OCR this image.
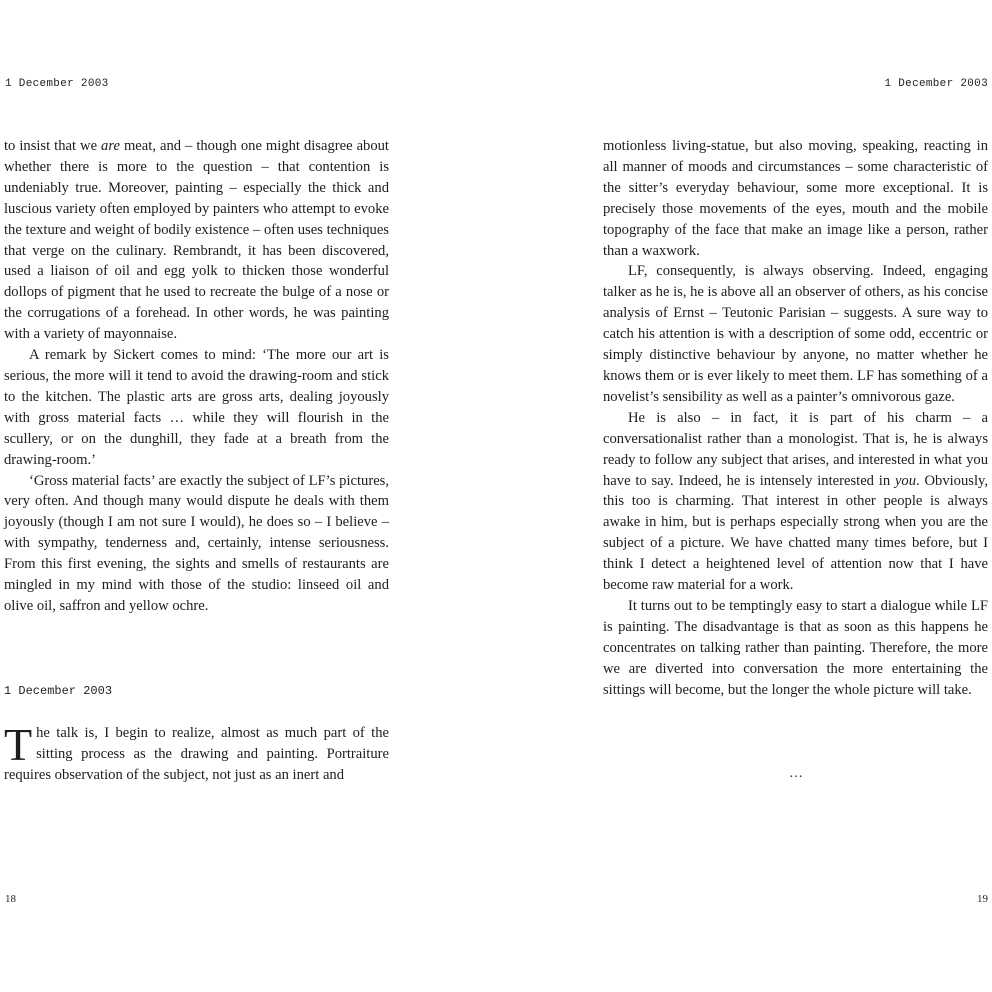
1 December 2003

to insist that we are meat, and – though one might disagree about whether there is more to the question – that contention is undeniably true. Moreover, painting – especially the thick and luscious variety often employed by painters who attempt to evoke the texture and weight of bodily existence – often uses techniques that verge on the culinary. Rembrandt, it has been discovered, used a liaison of oil and egg yolk to thicken those wonderful dollops of pigment that he used to recreate the bulge of a nose or the corrugations of a forehead. In other words, he was painting with a variety of mayonnaise.

A remark by Sickert comes to mind: ‘The more our art is serious, the more will it tend to avoid the drawing-room and stick to the kitchen. The plastic arts are gross arts, dealing joyously with gross material facts … while they will flourish in the scullery, or on the dunghill, they fade at a breath from the drawing-room.’

‘Gross material facts’ are exactly the subject of LF’s pictures, very often. And though many would dispute he deals with them joyously (though I am not sure I would), he does so – I believe – with sympathy, tenderness and, certainly, intense seriousness. From this first evening, the sights and smells of restaurants are mingled in my mind with those of the studio: linseed oil and olive oil, saffron and yellow ochre.

1 December 2003

The talk is, I begin to realize, almost as much part of the sitting process as the drawing and painting. Portraiture requires observation of the subject, not just as an inert and

18
1 December 2003

motionless living-statue, but also moving, speaking, reacting in all manner of moods and circumstances – some characteristic of the sitter’s everyday behaviour, some more exceptional. It is precisely those movements of the eyes, mouth and the mobile topography of the face that make an image like a person, rather than a waxwork.

LF, consequently, is always observing. Indeed, engaging talker as he is, he is above all an observer of others, as his concise analysis of Ernst – Teutonic Parisian – suggests. A sure way to catch his attention is with a description of some odd, eccentric or simply distinctive behaviour by anyone, no matter whether he knows them or is ever likely to meet them. LF has something of a novelist’s sensibility as well as a painter’s omnivorous gaze.

He is also – in fact, it is part of his charm – a conversationalist rather than a monologist. That is, he is always ready to follow any subject that arises, and interested in what you have to say. Indeed, he is intensely interested in you. Obviously, this too is charming. That interest in other people is always awake in him, but is perhaps especially strong when you are the subject of a picture. We have chatted many times before, but I think I detect a heightened level of attention now that I have become raw material for a work.

It turns out to be temptingly easy to start a dialogue while LF is painting. The disadvantage is that as soon as this happens he concentrates on talking rather than painting. Therefore, the more we are diverted into conversation the more entertaining the sittings will become, but the longer the whole picture will take.

…
19
